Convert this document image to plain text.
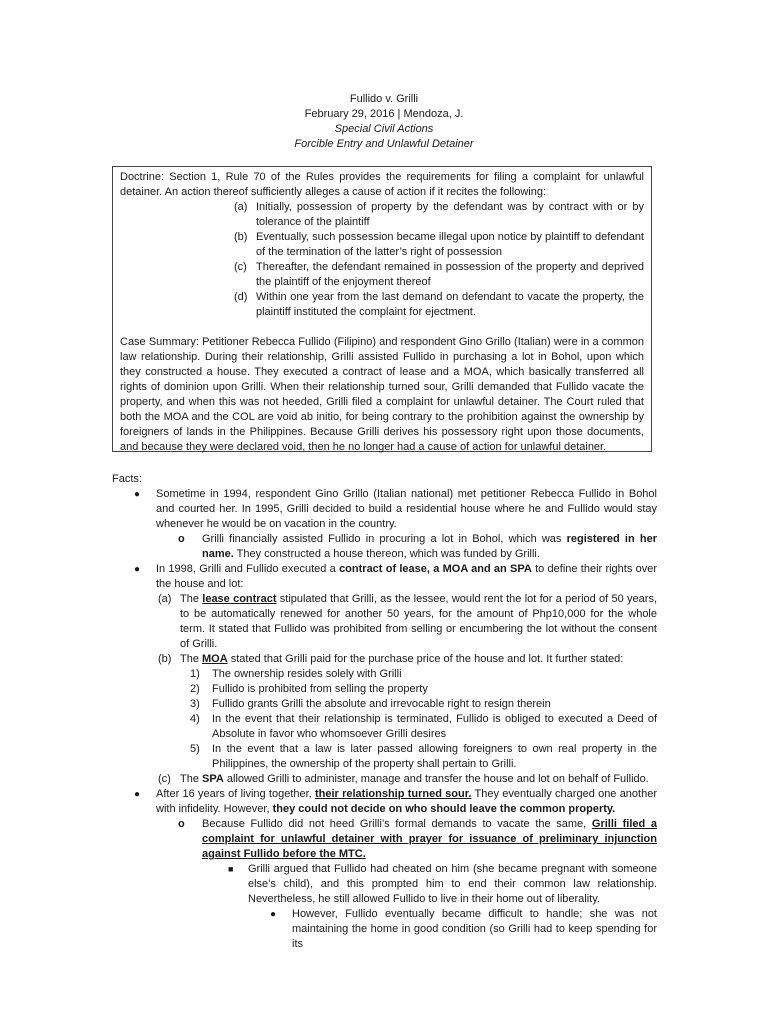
Fullido v. Grilli
February 29, 2016 | Mendoza, J.
Special Civil Actions
Forcible Entry and Unlawful Detainer

Doctrine: Section 1, Rule 70 of the Rules provides the requirements for filing a complaint for unlawful detainer. An action thereof sufficiently alleges a cause of action if it recites the following:

(a) Initially, possession of property by the defendant was by contract with or by tolerance of the plaintiff
(b) Eventually, such possession became illegal upon notice by plaintiff to defendant of the termination of the latter’s right of possession
(c) Thereafter, the defendant remained in possession of the property and deprived the plaintiff of the enjoyment thereof
(d) Within one year from the last demand on defendant to vacate the property, the plaintiff instituted the complaint for ejectment.

Case Summary: Petitioner Rebecca Fullido (Filipino) and respondent Gino Grillo (Italian) were in a common law relationship. During their relationship, Grilli assisted Fullido in purchasing a lot in Bohol, upon which they constructed a house. They executed a contract of lease and a MOA, which basically transferred all rights of dominion upon Grilli. When their relationship turned sour, Grilli demanded that Fullido vacate the property, and when this was not heeded, Grilli filed a complaint for unlawful detainer. The Court ruled that both the MOA and the COL are void ab initio, for being contrary to the prohibition against the ownership by foreigners of lands in the Philippines. Because Grilli derives his possessory right upon those documents, and because they were declared void, then he no longer had a cause of action for unlawful detainer.

Facts:
● Sometime in 1994, respondent Gino Grillo (Italian national) met petitioner Rebecca Fullido in Bohol and courted her. In 1995, Grilli decided to build a residential house where he and Fullido would stay whenever he would be on vacation in the country.
o Grilli financially assisted Fullido in procuring a lot in Bohol, which was registered in her name. They constructed a house thereon, which was funded by Grilli.
● In 1998, Grilli and Fullido executed a contract of lease, a MOA and an SPA to define their rights over the house and lot:
(a) The lease contract stipulated that Grilli, as the lessee, would rent the lot for a period of 50 years, to be automatically renewed for another 50 years, for the amount of Php10,000 for the whole term. It stated that Fullido was prohibited from selling or encumbering the lot without the consent of Grilli.
(b) The MOA stated that Grilli paid for the purchase price of the house and lot. It further stated:
1) The ownership resides solely with Grilli
2) Fullido is prohibited from selling the property
3) Fullido grants Grilli the absolute and irrevocable right to resign therein
4) In the event that their relationship is terminated, Fullido is obliged to executed a Deed of Absolute in favor who whomsoever Grilli desires
5) In the event that a law is later passed allowing foreigners to own real property in the Philippines, the ownership of the property shall pertain to Grilli.
(c) The SPA allowed Grilli to administer, manage and transfer the house and lot on behalf of Fullido.
● After 16 years of living together, their relationship turned sour. They eventually charged one another with infidelity. However, they could not decide on who should leave the common property.
o Because Fullido did not heed Grilli’s formal demands to vacate the same, Grilli filed a complaint for unlawful detainer with prayer for issuance of preliminary injunction against Fullido before the MTC.
■ Grilli argued that Fullido had cheated on him (she became pregnant with someone else’s child), and this prompted him to end their common law relationship. Nevertheless, he still allowed Fullido to live in their home out of liberality.
● However, Fullido eventually became difficult to handle; she was not maintaining the home in good condition (so Grilli had to keep spending for its
